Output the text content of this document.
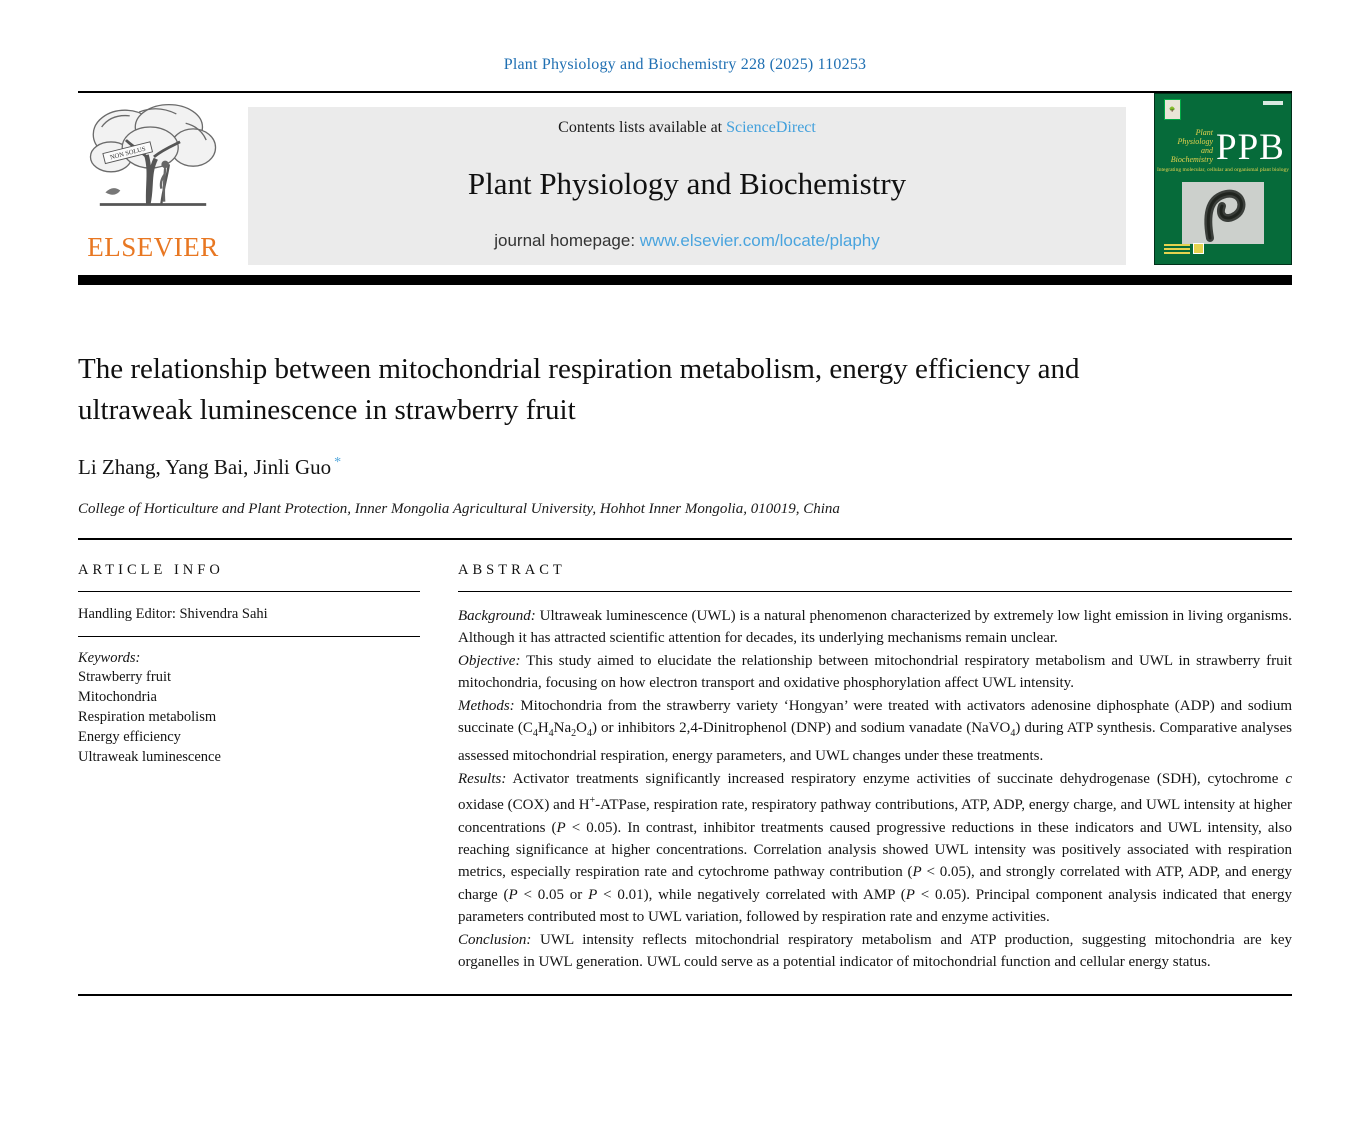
Plant Physiology and Biochemistry 228 (2025) 110253
NON SOLUS
ELSEVIER
Contents lists available at ScienceDirect
Plant Physiology and Biochemistry
journal homepage: www.elsevier.com/locate/plaphy
🌳
Plant
Physiology
and
Biochemistry PPB
Integrating molecular, cellular and organismal plant biology
The relationship between mitochondrial respiration metabolism, energy efficiency and ultraweak luminescence in strawberry fruit
Li Zhang, Yang Bai, Jinli Guo *
College of Horticulture and Plant Protection, Inner Mongolia Agricultural University, Hohhot Inner Mongolia, 010019, China
ARTICLE INFO
Handling Editor: Shivendra Sahi
Keywords:
Strawberry fruit
Mitochondria
Respiration metabolism
Energy efficiency
Ultraweak luminescence
ABSTRACT

Background: Ultraweak luminescence (UWL) is a natural phenomenon characterized by extremely low light emission in living organisms. Although it has attracted scientific attention for decades, its underlying mechanisms remain unclear.

Objective: This study aimed to elucidate the relationship between mitochondrial respiratory metabolism and UWL in strawberry fruit mitochondria, focusing on how electron transport and oxidative phosphorylation affect UWL intensity.

Methods: Mitochondria from the strawberry variety ‘Hongyan’ were treated with activators adenosine diphosphate (ADP) and sodium succinate $(C_4H_4Na_2O_4)$ or inhibitors 2,4-Dinitrophenol (DNP) and sodium vanadate (NaVO$_4$) during ATP synthesis. Comparative analyses assessed mitochondrial respiration, energy parameters, and UWL changes under these treatments.

Results: Activator treatments significantly increased respiratory enzyme activities of succinate dehydrogenase (SDH), cytochrome c oxidase (COX) and H+-ATPase, respiration rate, respiratory pathway contributions, ATP, ADP, energy charge, and UWL intensity at higher concentrations (P < 0.05). In contrast, inhibitor treatments caused progressive reductions in these indicators and UWL intensity, also reaching significance at higher concentrations. Correlation analysis showed UWL intensity was positively associated with respiration metrics, especially respiration rate and cytochrome pathway contribution (P < 0.05), and strongly correlated with ATP, ADP, and energy charge (P < 0.05 or P < 0.01), while negatively correlated with AMP (P < 0.05). Principal component analysis indicated that energy parameters contributed most to UWL variation, followed by respiration rate and enzyme activities.

Conclusion: UWL intensity reflects mitochondrial respiratory metabolism and ATP production, suggesting mitochondria are key organelles in UWL generation. UWL could serve as a potential indicator of mitochondrial function and cellular energy status.
